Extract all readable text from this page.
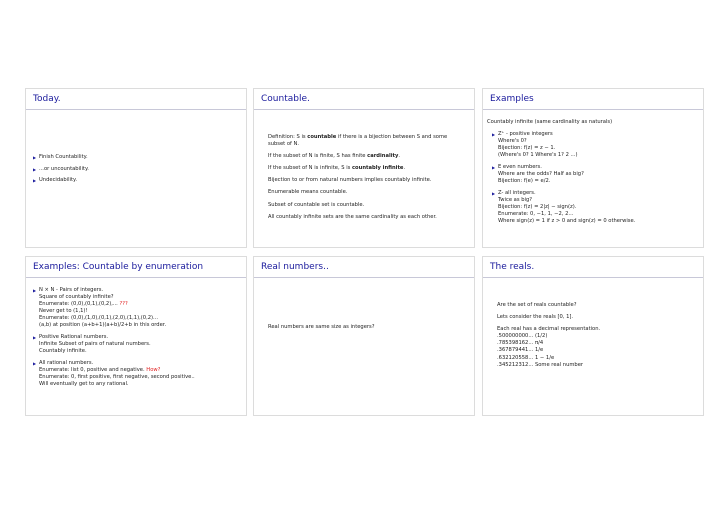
Today.
▶ Finish Countability.
▶ ...or uncountability.
▶ Undecidability.
Countable.

Definition: S is countable if there is a bijection between S and some

subset of N.

If the subset of N is finite, S has finite cardinality.

If the subset of N is infinite, S is countably infinite.

Bijection to or from natural numbers implies countably infinite.

Enumerable means countable.

Subset of countable set is countable.

All countably infinite sets are the same cardinality as each other.

Examples

Countably infinite (same cardinality as naturals)

▶ Z⁺ - positive integers
Where's 0?
Bijection: f(z) = z − 1.
(Where's 0? 1 Where's 1? 2 ...)
▶ E even numbers.
Where are the odds? Half as big?
Bijection: f(e) = e/2.
▶ Z- all integers.
Twice as big?
Bijection: f(z) = 2|z| − sign(z).
Enumerate: 0, −1, 1, −2, 2...
Where sign(z) = 1 if z > 0 and sign(z) = 0 otherwise.
Examples: Countable by enumeration
▶ N × N - Pairs of integers.
Square of countably infinite?
Enumerate: (0,0),(0,1),(0,2),... ???
Never get to (1,1)!
Enumerate: (0,0),(1,0),(0,1),(2,0),(1,1),(0,2)...
(a,b) at position (a+b+1)(a+b)/2+b in this order.
▶ Positive Rational numbers.
Infinite Subset of pairs of natural numbers.
Countably infinite.
▶ All rational numbers.
Enumerate: list 0, positive and negative. How?
Enumerate: 0, first positive, first negative, second positive..
Will eventually get to any rational.
Real numbers..

Real numbers are same size as integers?

The reals.

Are the set of reals countable?

Lets consider the reals [0, 1].

Each real has a decimal representation.

.500000000... (1/2)

.785398162... π/4

.367879441... 1/e

.632120558... 1 − 1/e

.345212312... Some real number
